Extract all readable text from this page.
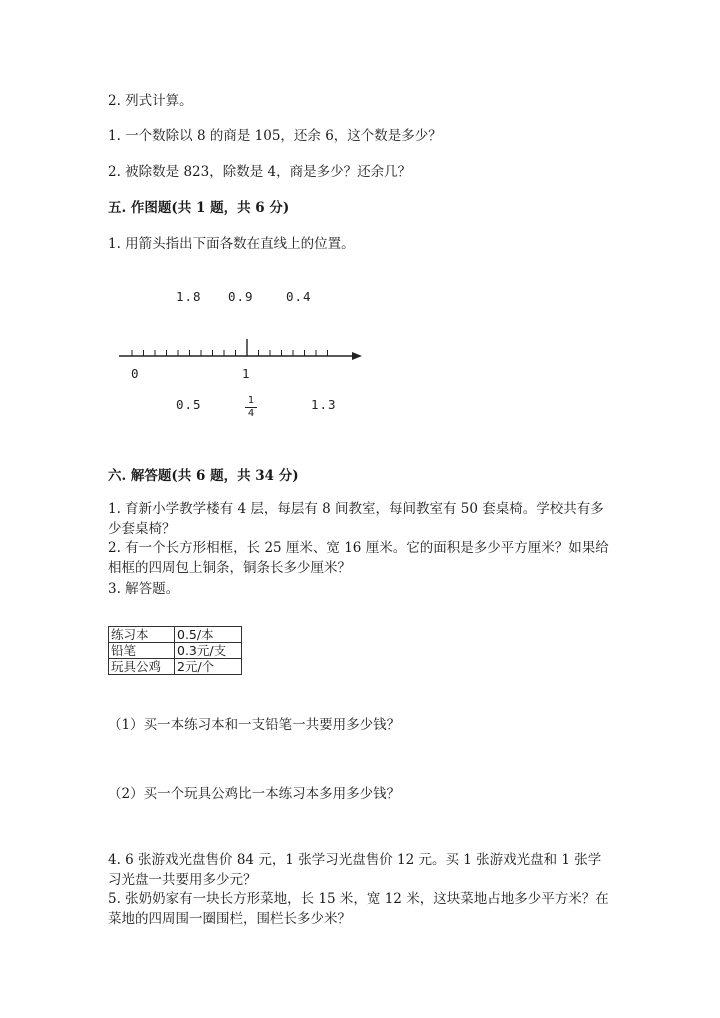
2. 列式计算。
1. 一个数除以 8 的商是 105，还余 6，这个数是多少？
2. 被除数是 823，除数是 4，商是多少？还余几？
五. 作图题(共 1 题，共 6 分)
1. 用箭头指出下面各数在直线上的位置。
1.8 0.9	0.4
0	1
0.5	1
4
1.3
六. 解答题(共 6 题，共 34 分)
1. 育新小学教学楼有 4 层，每层有 8 间教室，每间教室有 50 套桌椅。学校共有多少套桌椅？
2. 有一个长方形相框，长 25 厘米、宽 16 厘米。它的面积是多少平方厘米？如果给相框的四周包上铜条，铜条长多少厘米？
3. 解答题。
练习本	0.5/本
铅笔	0.3元/支
玩具公鸡	2元/个
（1）买一本练习本和一支铅笔一共要用多少钱？
（2）买一个玩具公鸡比一本练习本多用多少钱？
4. 6 张游戏光盘售价 84 元，1 张学习光盘售价 12 元。买 1 张游戏光盘和 1 张学习光盘一共要用多少元？
5. 张奶奶家有一块长方形菜地，长 15 米，宽 12 米，这块菜地占地多少平方米？在菜地的四周围一圈围栏，围栏长多少米？
